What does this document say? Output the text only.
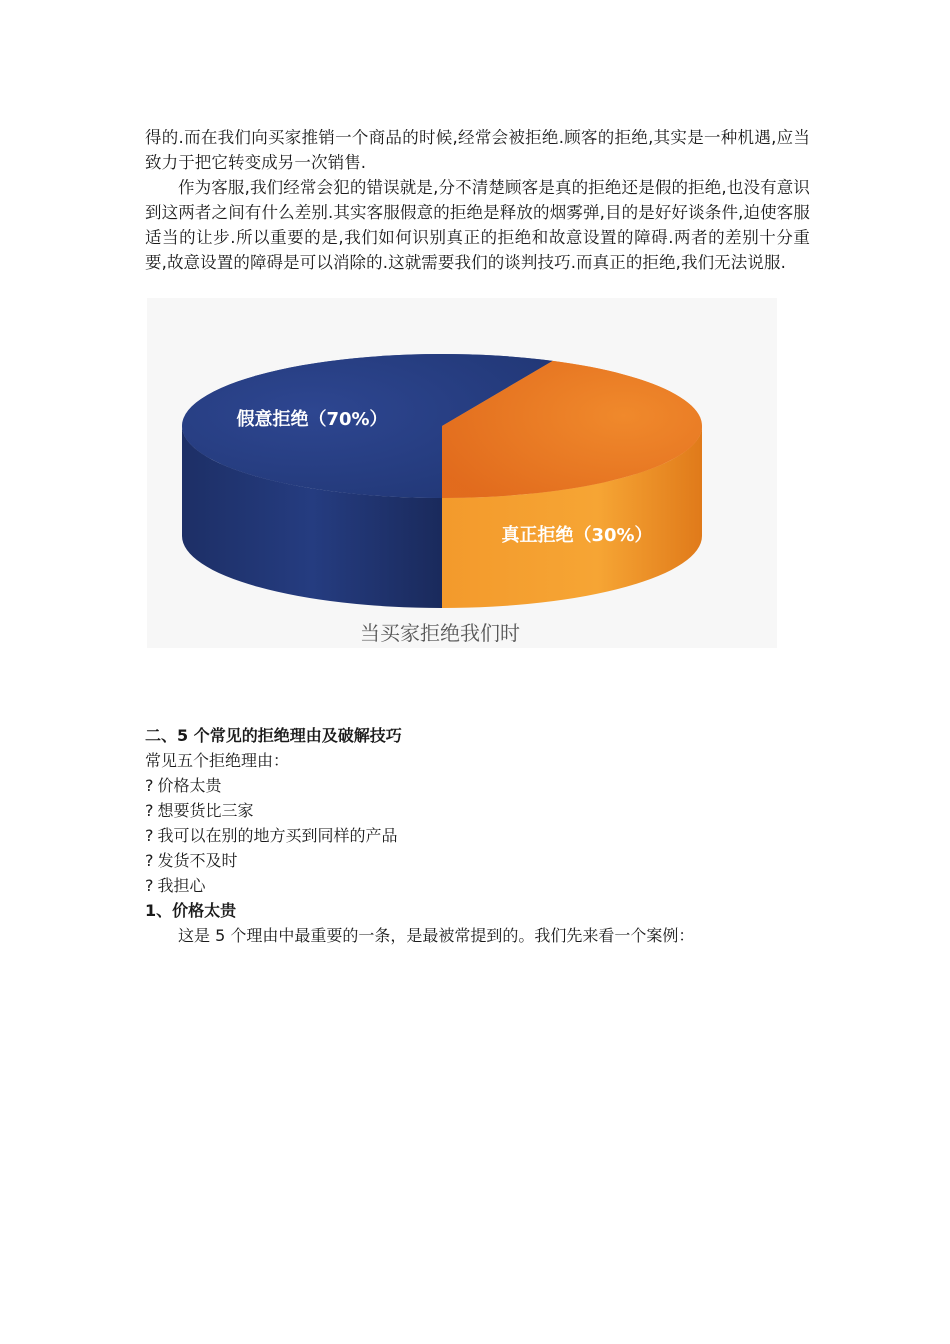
得的.而在我们向买家推销一个商品的时候,经常会被拒绝.顾客的拒绝,其实是一种机遇,应当致力于把它转变成另一次销售.

作为客服,我们经常会犯的错误就是,分不清楚顾客是真的拒绝还是假的拒绝,也没有意识到这两者之间有什么差别.其实客服假意的拒绝是释放的烟雾弹,目的是好好谈条件,迫使客服适当的让步.所以重要的是,我们如何识别真正的拒绝和故意设置的障碍.两者的差别十分重要,故意设置的障碍是可以消除的.这就需要我们的谈判技巧.而真正的拒绝,我们无法说服.

假意拒绝（70%）
真正拒绝（30%）
当买家拒绝我们时

二、5 个常见的拒绝理由及破解技巧

常见五个拒绝理由：

? 价格太贵

? 想要货比三家

? 我可以在别的地方买到同样的产品

? 发货不及时

? 我担心

1、价格太贵

这是 5 个理由中最重要的一条，是最被常提到的。我们先来看一个案例：
